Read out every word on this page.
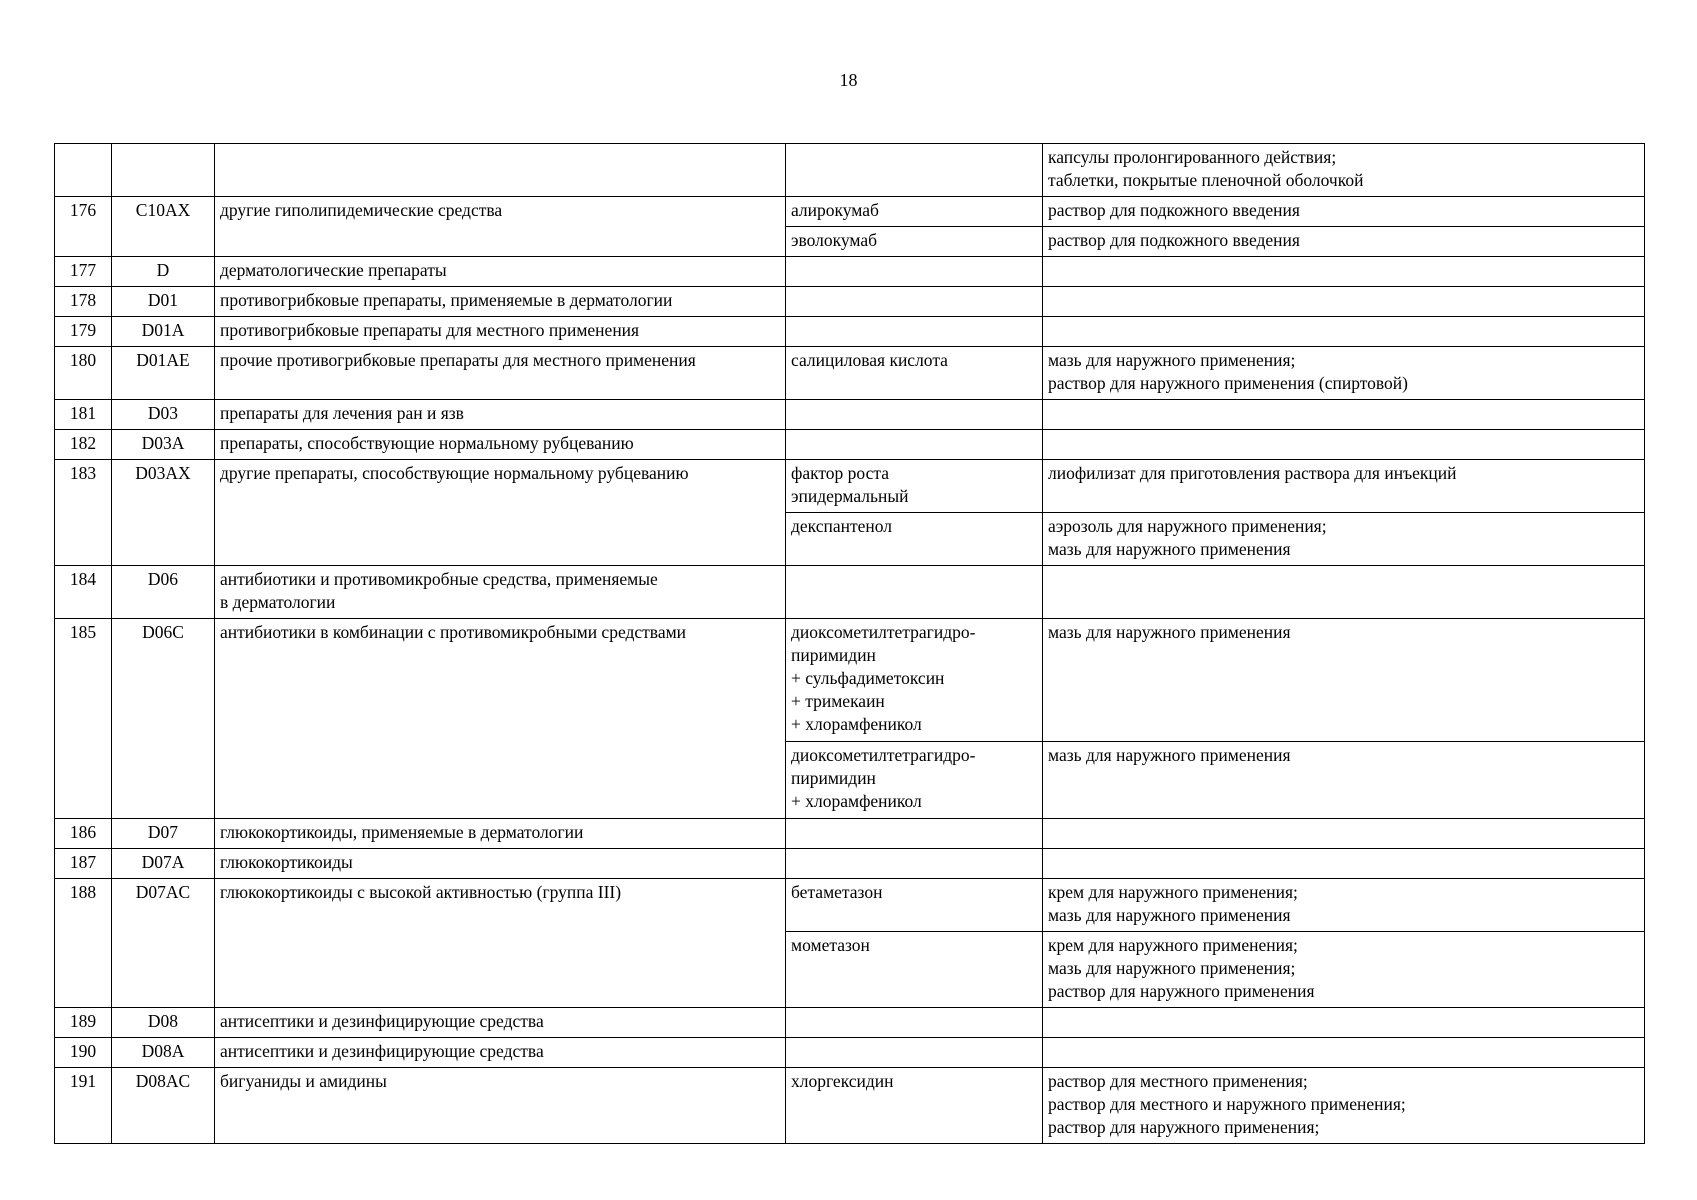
18

				капсулы пролонгированного действия;
таблетки, покрытые пленочной оболочкой

176	C10AX	другие гиполипидемические средства	алирокумаб	раствор для подкожного введения

			эволокумаб	раствор для подкожного введения

177	D	дерматологические препараты		
178	D01	противогрибковые препараты, применяемые в дерматологии		
179	D01A	противогрибковые препараты для местного применения		
180	D01AE	прочие противогрибковые препараты для местного применения	салициловая кислота	мазь для наружного применения;
раствор для наружного применения (спиртовой)

181	D03	препараты для лечения ран и язв		
182	D03A	препараты, способствующие нормальному рубцеванию		
183	D03AX	другие препараты, способствующие нормальному рубцеванию	фактор роста
эпидермальный	лиофилизат для приготовления раствора для инъекций

			декспантенол	аэрозоль для наружного применения;
мазь для наружного применения

184	D06	антибиотики и противомикробные средства, применяемые
в дерматологии		

185	D06C	антибиотики в комбинации с противомикробными средствами	диоксометилтетрагидро-
пиримидин
+ сульфадиметоксин
+ тримекаин
+ хлорамфеникол	мазь для наружного применения

			диоксометилтетрагидро-
пиримидин
+ хлорамфеникол	мазь для наружного применения

186	D07	глюкокортикоиды, применяемые в дерматологии		
187	D07A	глюкокортикоиды		
188	D07AC	глюкокортикоиды с высокой активностью (группа III)	бетаметазон	крем для наружного применения;
мазь для наружного применения

			мометазон	крем для наружного применения;
мазь для наружного применения;
раствор для наружного применения

189	D08	антисептики и дезинфицирующие средства		
190	D08A	антисептики и дезинфицирующие средства		
191	D08AC	бигуаниды и амидины	хлоргексидин	раствор для местного применения;
раствор для местного и наружного применения;
раствор для наружного применения;
